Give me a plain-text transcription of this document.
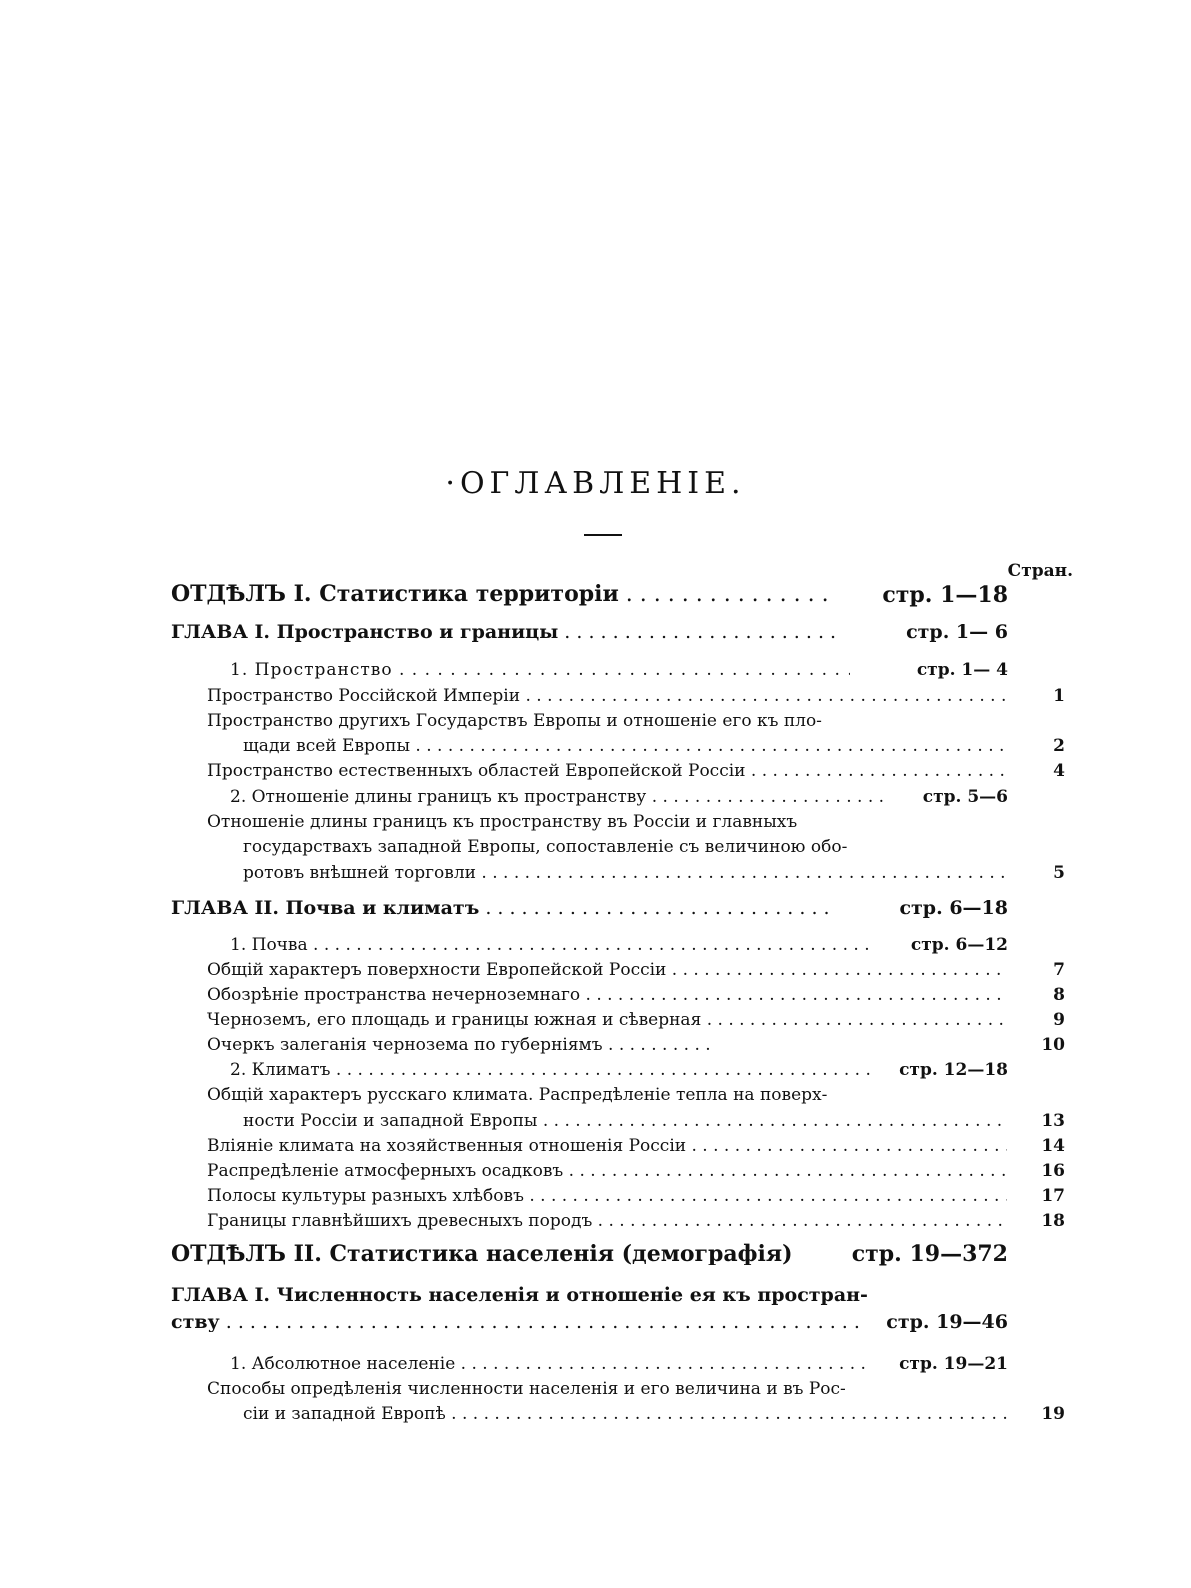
·ОГЛАВЛЕНІЕ.
Стран.
ОТДѢЛЪ I. Статистика территоріи . . .	стр. 1—18
ГЛАВА I. Пространство и границы . . .	стр. 1— 6
1. Пространство . . .	стр. 1— 4
Пространство Россійской Имперіи . . .	1
Пространство другихъ Государствъ Европы и отношеніе его къ пло-
щади всей Европы . . .	2
Пространство естественныхъ областей Европейской Россіи . . .	4
2. Отношеніе длины границъ къ пространству . . .	стр. 5—6
Отношеніе длины границъ къ пространству въ Россіи и главныхъ
государствахъ западной Европы, сопоставленіе съ величиною обо-
ротовъ внѣшней торговли . . .	5
ГЛАВА II. Почва и климатъ . . .	стр. 6—18
1. Почва . . .	стр. 6—12
Общій характеръ поверхности Европейской Россіи . . .	7
Обозрѣніе пространства нечерноземнаго . . .	8
Черноземъ, его площадь и границы южная и сѣверная . . .	9
Очеркъ залеганія чернозема по губерніямъ . . .	10
2. Климатъ . . .	стр. 12—18
Общій характеръ русскаго климата. Распредѣленіе тепла на поверх-
ности Россіи и западной Европы . . .	13
Вліяніе климата на хозяйственныя отношенія Россіи . . .	14
Распредѣленіе атмосферныхъ осадковъ . . .	16
Полосы культуры разныхъ хлѣбовъ . . .	17
Границы главнѣйшихъ древесныхъ породъ . . .	18
ОТДѢЛЪ II. Статистика населенія (демографія)	стр. 19—372
ГЛАВА I. Численность населенія и отношеніе ея къ простран-
ству . . .	стр. 19—46
1. Абсолютное населеніе . . .	стр. 19—21
Способы опредѣленія численности населенія и его величина и въ Рос-
сіи и западной Европѣ . . .	19
